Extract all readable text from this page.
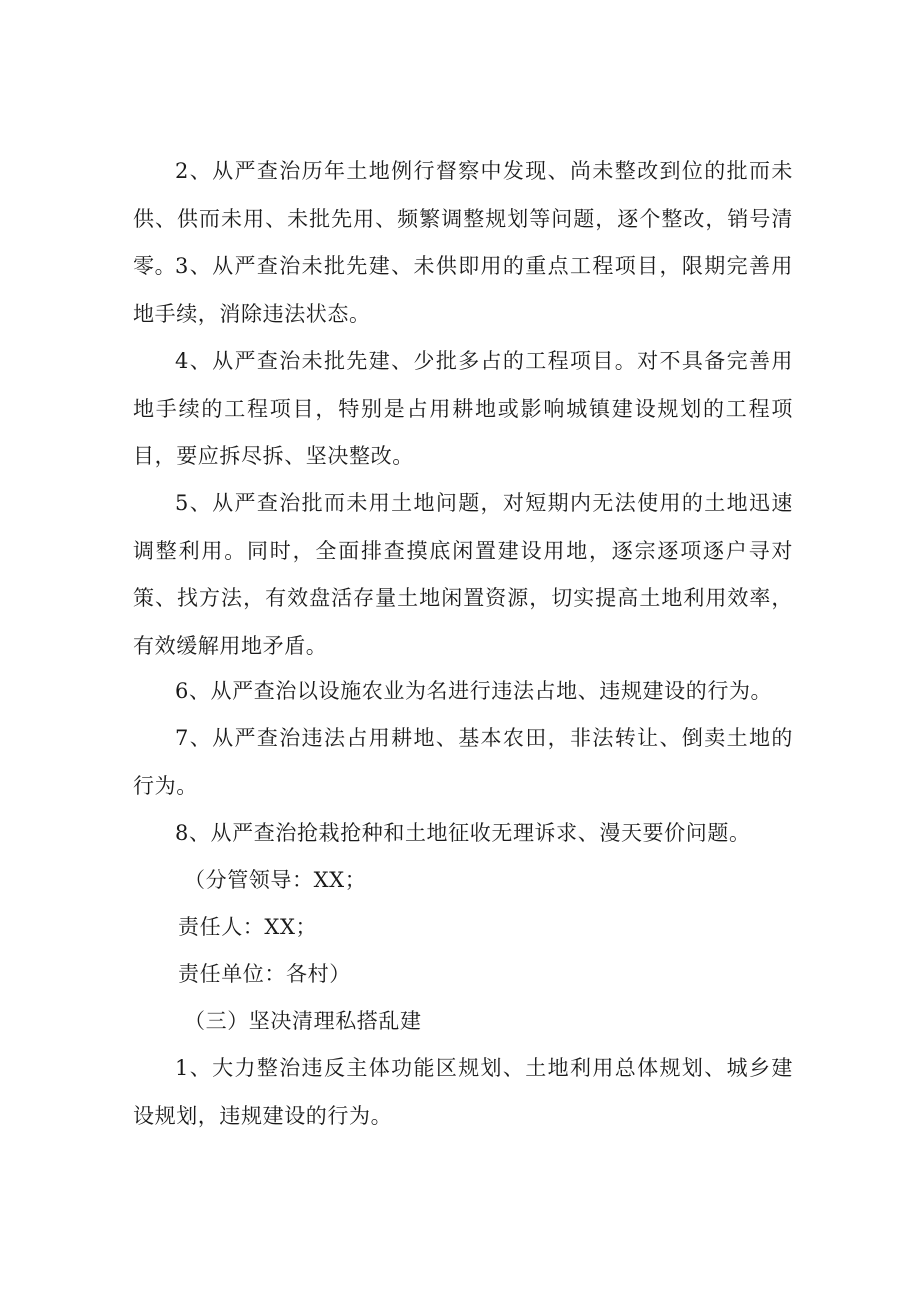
2、从严查治历年土地例行督察中发现、尚未整改到位的批而未供、供而未用、未批先用、频繁调整规划等问题，逐个整改，销号清零。

3、从严查治未批先建、未供即用的重点工程项目，限期完善用地手续，消除违法状态。

4、从严查治未批先建、少批多占的工程项目。对不具备完善用地手续的工程项目，特别是占用耕地或影响城镇建设规划的工程项目，要应拆尽拆、坚决整改。

5、从严查治批而未用土地问题，对短期内无法使用的土地迅速调整利用。同时，全面排查摸底闲置建设用地，逐宗逐项逐户寻对策、找方法，有效盘活存量土地闲置资源，切实提高土地利用效率，有效缓解用地矛盾。

6、从严查治以设施农业为名进行违法占地、违规建设的行为。

7、从严查治违法占用耕地、基本农田，非法转让、倒卖土地的行为。

8、从严查治抢栽抢种和土地征收无理诉求、漫天要价问题。

（分管领导：XX；

责任人：XX；

责任单位：各村）

（三）坚决清理私搭乱建

1、大力整治违反主体功能区规划、土地利用总体规划、城乡建设规划，违规建设的行为。
